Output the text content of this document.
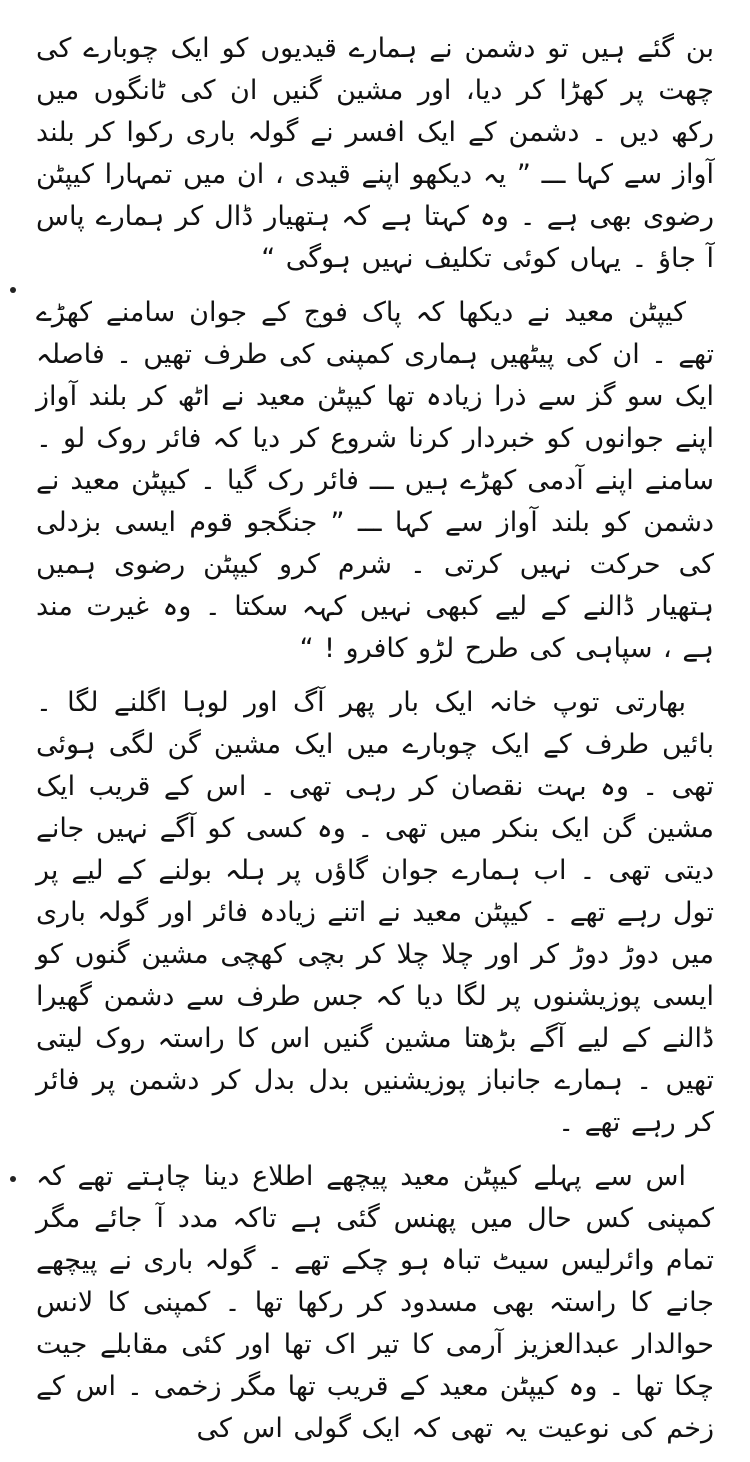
بن گئے ہیں تو دشمن نے ہمارے قیدیوں کو ایک چوبارے کی چھت پر کھڑا کر دیا، اور مشین گنیں ان کی ٹانگوں میں رکھ دیں ۔ دشمن کے ایک افسر نے گولہ باری رکوا کر بلند آواز سے کہا ـــ ” یہ دیکھو اپنے قیدی ، ان میں تمہارا کیپٹن رضوی بھی ہے ۔ وہ کہتا ہے کہ ہتھیار ڈال کر ہمارے پاس آ جاؤ ۔ یہاں کوئی تکلیف نہیں ہوگی “

کیپٹن معید نے دیکھا کہ پاک فوج کے جوان سامنے کھڑے تھے ۔ ان کی پیٹھیں ہماری کمپنی کی طرف تھیں ۔ فاصلہ ایک سو گز سے ذرا زیادہ تھا کیپٹن معید نے اٹھ کر بلند آواز اپنے جوانوں کو خبردار کرنا شروع کر دیا کہ فائر روک لو ۔ سامنے اپنے آدمی کھڑے ہیں ـــ فائر رک گیا ۔ کیپٹن معید نے دشمن کو بلند آواز سے کہا ـــ ” جنگجو قوم ایسی بزدلی کی حرکت نہیں کرتی ۔ شرم کرو کیپٹن رضوی ہمیں ہتھیار ڈالنے کے لیے کبھی نہیں کہہ سکتا ۔ وہ غیرت مند ہے ، سپاہی کی طرح لڑو کافرو ! “

بھارتی توپ خانہ ایک بار پھر آگ اور لوہا اگلنے لگا ۔ بائیں طرف کے ایک چوبارے میں ایک مشین گن لگی ہوئی تھی ۔ وہ بہت نقصان کر رہی تھی ۔ اس کے قریب ایک مشین گن ایک بنکر میں تھی ۔ وہ کسی کو آگے نہیں جانے دیتی تھی ۔ اب ہمارے جوان گاؤں پر ہلہ بولنے کے لیے پر تول رہے تھے ۔ کیپٹن معید نے اتنے زیادہ فائر اور گولہ باری میں دوڑ دوڑ کر اور چلا چلا کر بچی کھچی مشین گنوں کو ایسی پوزیشنوں پر لگا دیا کہ جس طرف سے دشمن گھیرا ڈالنے کے لیے آگے بڑھتا مشین گنیں اس کا راستہ روک لیتی تھیں ۔ ہمارے جانباز پوزیشنیں بدل بدل کر دشمن پر فائر کر رہے تھے ۔

اس سے پہلے کیپٹن معید پیچھے اطلاع دینا چاہتے تھے کہ کمپنی کس حال میں پھنس گئی ہے تاکہ مدد آ جائے مگر تمام وائرلیس سیٹ تباہ ہو چکے تھے ۔ گولہ باری نے پیچھے جانے کا راستہ بھی مسدود کر رکھا تھا ۔ کمپنی کا لانس حوالدار عبدالعزیز آرمی کا تیر اک تھا اور کئی مقابلے جیت چکا تھا ۔ وہ کیپٹن معید کے قریب تھا مگر زخمی ۔ اس کے زخم کی نوعیت یہ تھی کہ ایک گولی اس کی
